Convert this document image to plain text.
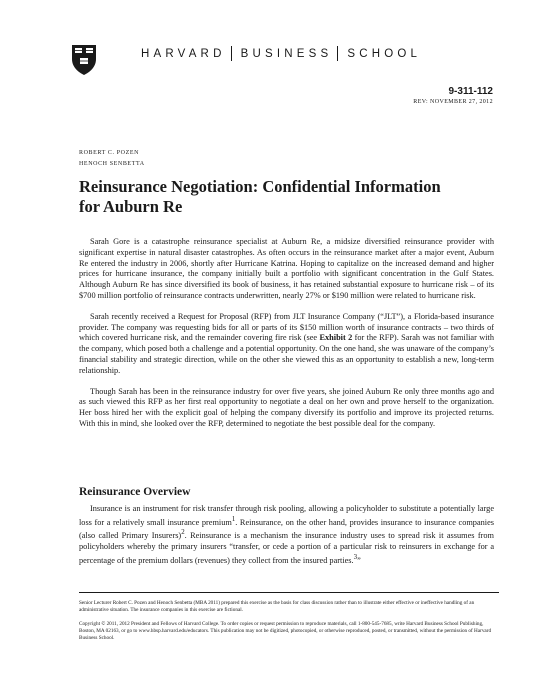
HARVARD BUSINESS SCHOOL
9-311-112
REV: NOVEMBER 27, 2012
ROBERT C. POZEN
HENOCH SENBETTA
Reinsurance Negotiation: Confidential Information
for Auburn Re

Sarah Gore is a catastrophe reinsurance specialist at Auburn Re, a midsize diversified reinsurance provider with significant expertise in natural disaster catastrophes. As often occurs in the reinsurance market after a major event, Auburn Re entered the industry in 2006, shortly after Hurricane Katrina. Hoping to capitalize on the increased demand and higher prices for hurricane insurance, the company initially built a portfolio with significant concentration in the Gulf States. Although Auburn Re has since diversified its book of business, it has retained substantial exposure to hurricane risk – of its $700 million portfolio of reinsurance contracts underwritten, nearly 27% or $190 million were related to hurricane risk.

Sarah recently received a Request for Proposal (RFP) from JLT Insurance Company (“JLT”), a Florida-based insurance provider. The company was requesting bids for all or parts of its $150 million worth of insurance contracts – two thirds of which covered hurricane risk, and the remainder covering fire risk (see Exhibit 2 for the RFP). Sarah was not familiar with the company, which posed both a challenge and a potential opportunity. On the one hand, she was unaware of the company’s financial stability and strategic direction, while on the other she viewed this as an opportunity to establish a new, long-term relationship.

Though Sarah has been in the reinsurance industry for over five years, she joined Auburn Re only three months ago and as such viewed this RFP as her first real opportunity to negotiate a deal on her own and prove herself to the organization. Her boss hired her with the explicit goal of helping the company diversify its portfolio and improve its projected returns. With this in mind, she looked over the RFP, determined to negotiate the best possible deal for the company.

Reinsurance Overview

Insurance is an instrument for risk transfer through risk pooling, allowing a policyholder to substitute a potentially large loss for a relatively small insurance premium$^1$. Reinsurance, on the other hand, provides insurance to insurance companies (also called Primary Insurers)$^2$. Reinsurance is a mechanism the insurance industry uses to spread risk it assumes from policyholders whereby the primary insurers “transfer, or cede a portion of a particular risk to reinsurers in exchange for a percentage of the premium dollars (revenues) they collect from the insured parties.$^3$”

Senior Lecturer Robert C. Pozen and Henoch Senbetta (MBA 2011) prepared this exercise as the basis for class discussion rather than to illustrate either effective or ineffective handling of an administrative situation. The insurance companies in this exercise are fictional.

Copyright © 2011, 2012 President and Fellows of Harvard College. To order copies or request permission to reproduce materials, call 1-800-545-7685, write Harvard Business School Publishing, Boston, MA 02163, or go to www.hbsp.harvard.edu/educators. This publication may not be digitized, photocopied, or otherwise reproduced, posted, or transmitted, without the permission of Harvard Business School.
